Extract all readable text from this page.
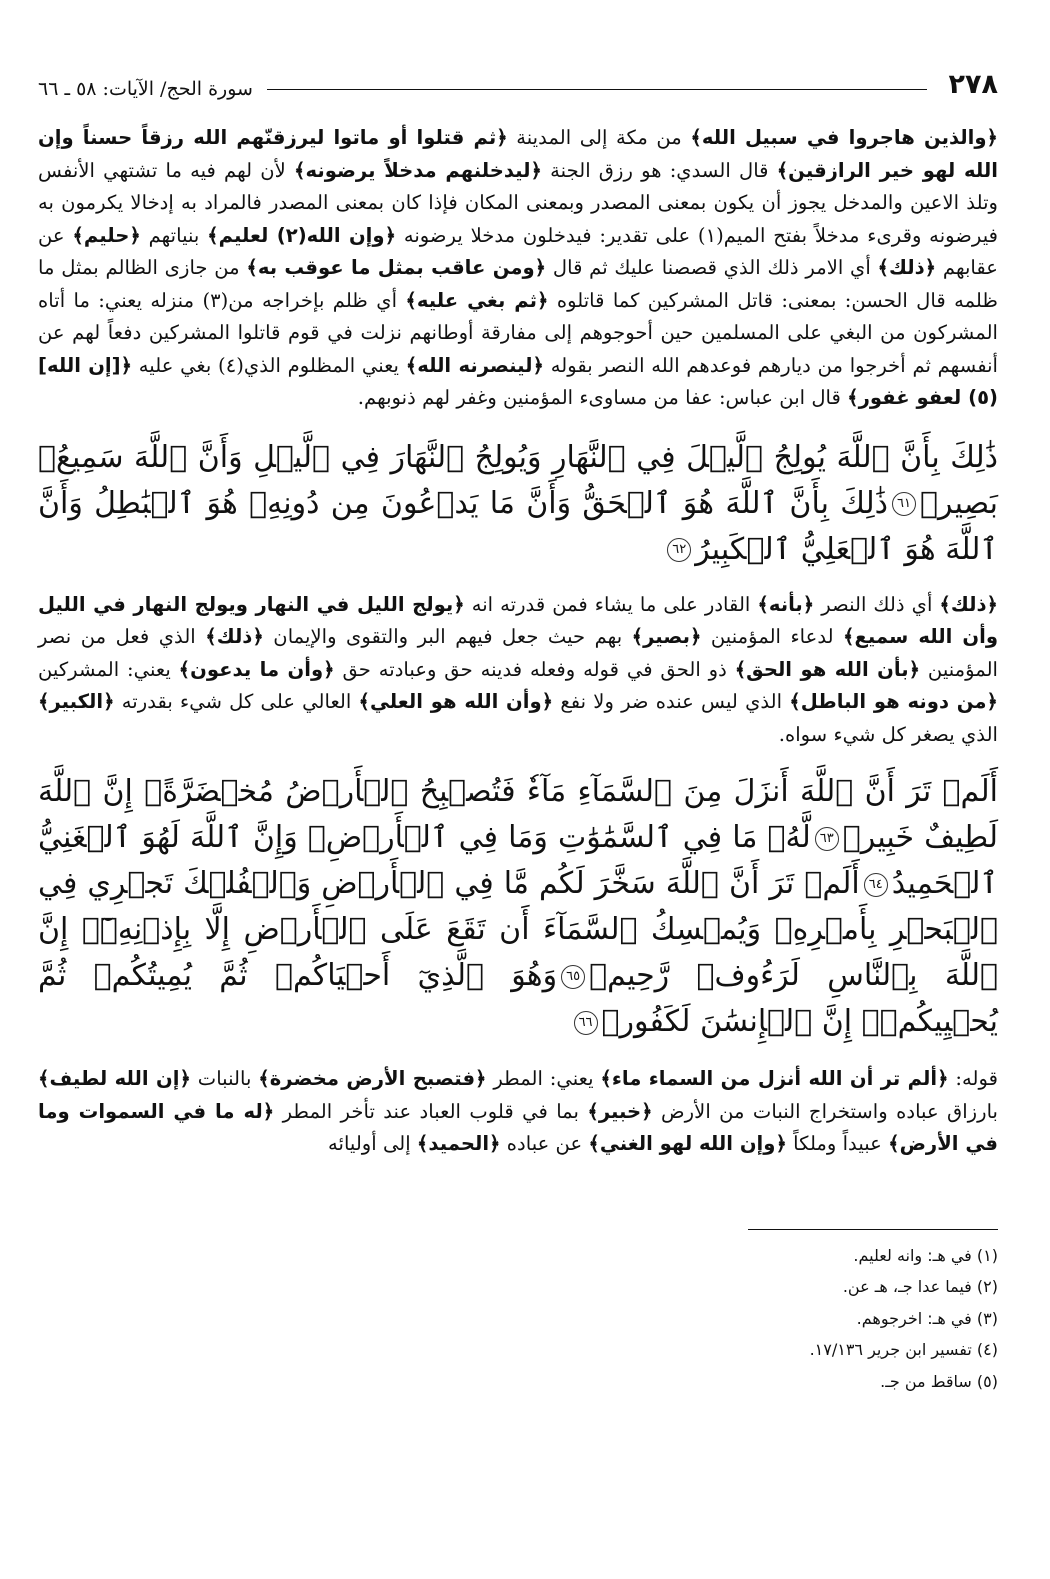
٢٧٨
سورة الحج/ الآيات: ٥٨ ـ ٦٦

﴿والذين هاجروا في سبيل الله﴾ من مكة إلى المدينة ﴿ثم قتلوا أو ماتوا ليرزقنّهم الله رزقاً حسناً وإن الله لهو خير الرازقين﴾ قال السدي: هو رزق الجنة ﴿ليدخلنهم مدخلاً يرضونه﴾ لأن لهم فيه ما تشتهي الأنفس وتلذ الاعين والمدخل يجوز أن يكون بمعنى المصدر وبمعنى المكان فإذا كان بمعنى المصدر فالمراد به إدخالا يكرمون به فيرضونه وقرىء مدخلاً بفتح الميم(١) على تقدير: فيدخلون مدخلا يرضونه ﴿وإن الله(٢) لعليم﴾ بنياتهم ﴿حليم﴾ عن عقابهم ﴿ذلك﴾ أي الامر ذلك الذي قصصنا عليك ثم قال ﴿ومن عاقب بمثل ما عوقب به﴾ من جازى الظالم بمثل ما ظلمه قال الحسن: بمعنى: قاتل المشركين كما قاتلوه ﴿ثم بغي عليه﴾ أي ظلم بإخراجه من(٣) منزله يعني: ما أتاه المشركون من البغي على المسلمين حين أحوجوهم إلى مفارقة أوطانهم نزلت في قوم قاتلوا المشركين دفعاً لهم عن أنفسهم ثم أخرجوا من ديارهم فوعدهم الله النصر بقوله ﴿لينصرنه الله﴾ يعني المظلوم الذي(٤) بغي عليه ﴿[إن الله](٥) لعفو غفور﴾ قال ابن عباس: عفا من مساوىء المؤمنين وغفر لهم ذنوبهم.

ذَٰلِكَ بِأَنَّ ٱللَّهَ يُولِجُ ٱلَّيۡلَ فِي ٱلنَّهَارِ وَيُولِجُ ٱلنَّهَارَ فِي ٱلَّيۡلِ وَأَنَّ ٱللَّهَ سَمِيعُۢ بَصِيرٞ٦١ذَٰلِكَ بِأَنَّ ٱللَّهَ هُوَ ٱلۡحَقُّ وَأَنَّ مَا يَدۡعُونَ مِن دُونِهِۦ هُوَ ٱلۡبَٰطِلُ وَأَنَّ ٱللَّهَ هُوَ ٱلۡعَلِيُّ ٱلۡكَبِيرُ٦٢

﴿ذلك﴾ أي ذلك النصر ﴿بأنه﴾ القادر على ما يشاء فمن قدرته انه ﴿يولج الليل في النهار ويولج النهار في الليل وأن الله سميع﴾ لدعاء المؤمنين ﴿بصير﴾ بهم حيث جعل فيهم البر والتقوى والإيمان ﴿ذلك﴾ الذي فعل من نصر المؤمنين ﴿بأن الله هو الحق﴾ ذو الحق في قوله وفعله فدينه حق وعبادته حق ﴿وأن ما يدعون﴾ يعني: المشركين ﴿من دونه هو الباطل﴾ الذي ليس عنده ضر ولا نفع ﴿وأن الله هو العلي﴾ العالي على كل شيء بقدرته ﴿الكبير﴾ الذي يصغر كل شيء سواه.

أَلَمۡ تَرَ أَنَّ ٱللَّهَ أَنزَلَ مِنَ ٱلسَّمَآءِ مَآءٗ فَتُصۡبِحُ ٱلۡأَرۡضُ مُخۡضَرَّةًۚ إِنَّ ٱللَّهَ لَطِيفٌ خَبِيرٞ٦٣لَّهُۥ مَا فِي ٱلسَّمَٰوَٰتِ وَمَا فِي ٱلۡأَرۡضِۗ وَإِنَّ ٱللَّهَ لَهُوَ ٱلۡغَنِيُّ ٱلۡحَمِيدُ٦٤أَلَمۡ تَرَ أَنَّ ٱللَّهَ سَخَّرَ لَكُم مَّا فِي ٱلۡأَرۡضِ وَٱلۡفُلۡكَ تَجۡرِي فِي ٱلۡبَحۡرِ بِأَمۡرِهِۦ وَيُمۡسِكُ ٱلسَّمَآءَ أَن تَقَعَ عَلَى ٱلۡأَرۡضِ إِلَّا بِإِذۡنِهِۦٓۚ إِنَّ ٱللَّهَ بِٱلنَّاسِ لَرَءُوفٞ رَّحِيمٞ٦٥وَهُوَ ٱلَّذِيٓ أَحۡيَاكُمۡ ثُمَّ يُمِيتُكُمۡ ثُمَّ يُحۡيِيكُمۡۗ إِنَّ ٱلۡإِنسَٰنَ لَكَفُورٞ٦٦

قوله: ﴿ألم تر أن الله أنزل من السماء ماء﴾ يعني: المطر ﴿فتصبح الأرض مخضرة﴾ بالنبات ﴿إن الله لطيف﴾ بارزاق عباده واستخراج النبات من الأرض ﴿خبير﴾ بما في قلوب العباد عند تأخر المطر ﴿له ما في السموات وما في الأرض﴾ عبيداً وملكاً ﴿وإن الله لهو الغني﴾ عن عباده ﴿الحميد﴾ إلى أوليائه

(١) في هـ: وانه لعليم.
(٢) فيما عدا جـ، هـ عن.
(٣) في هـ: اخرجوهم.
(٤) تفسير ابن جرير ١٧/١٣٦.
(٥) ساقط من جـ.
